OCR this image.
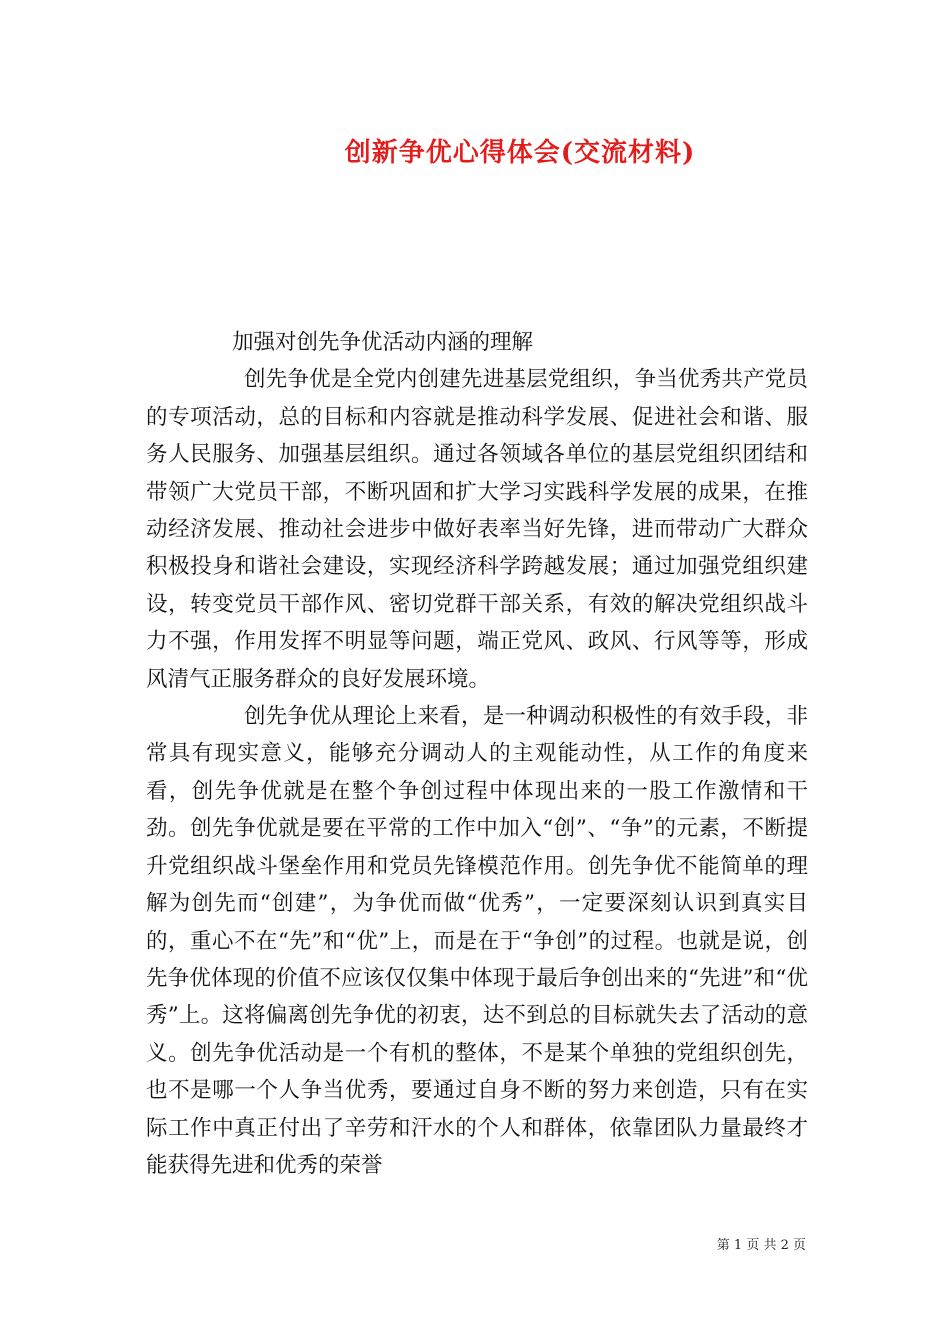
创新争优心得体会(交流材料)

加强对创先争优活动内涵的理解

创先争优是全党内创建先进基层党组织，争当优秀共产党员的专项活动，总的目标和内容就是推动科学发展、促进社会和谐、服务人民服务、加强基层组织。通过各领域各单位的基层党组织团结和带领广大党员干部，不断巩固和扩大学习实践科学发展的成果，在推动经济发展、推动社会进步中做好表率当好先锋，进而带动广大群众积极投身和谐社会建设，实现经济科学跨越发展；通过加强党组织建设，转变党员干部作风、密切党群干部关系，有效的解决党组织战斗力不强，作用发挥不明显等问题，端正党风、政风、行风等等，形成风清气正服务群众的良好发展环境。

创先争优从理论上来看，是一种调动积极性的有效手段，非常具有现实意义，能够充分调动人的主观能动性，从工作的角度来看，创先争优就是在整个争创过程中体现出来的一股工作激情和干劲。创先争优就是要在平常的工作中加入“创”、“争”的元素，不断提升党组织战斗堡垒作用和党员先锋模范作用。创先争优不能简单的理解为创先而“创建”，为争优而做“优秀”，一定要深刻认识到真实目的，重心不在“先”和“优”上，而是在于“争创”的过程。也就是说，创先争优体现的价值不应该仅仅集中体现于最后争创出来的“先进”和“优秀”上。这将偏离创先争优的初衷，达不到总的目标就失去了活动的意义。创先争优活动是一个有机的整体，不是某个单独的党组织创先，也不是哪一个人争当优秀，要通过自身不断的努力来创造，只有在实际工作中真正付出了辛劳和汗水的个人和群体，依靠团队力量最终才能获得先进和优秀的荣誉

第 1 页 共 2 页
